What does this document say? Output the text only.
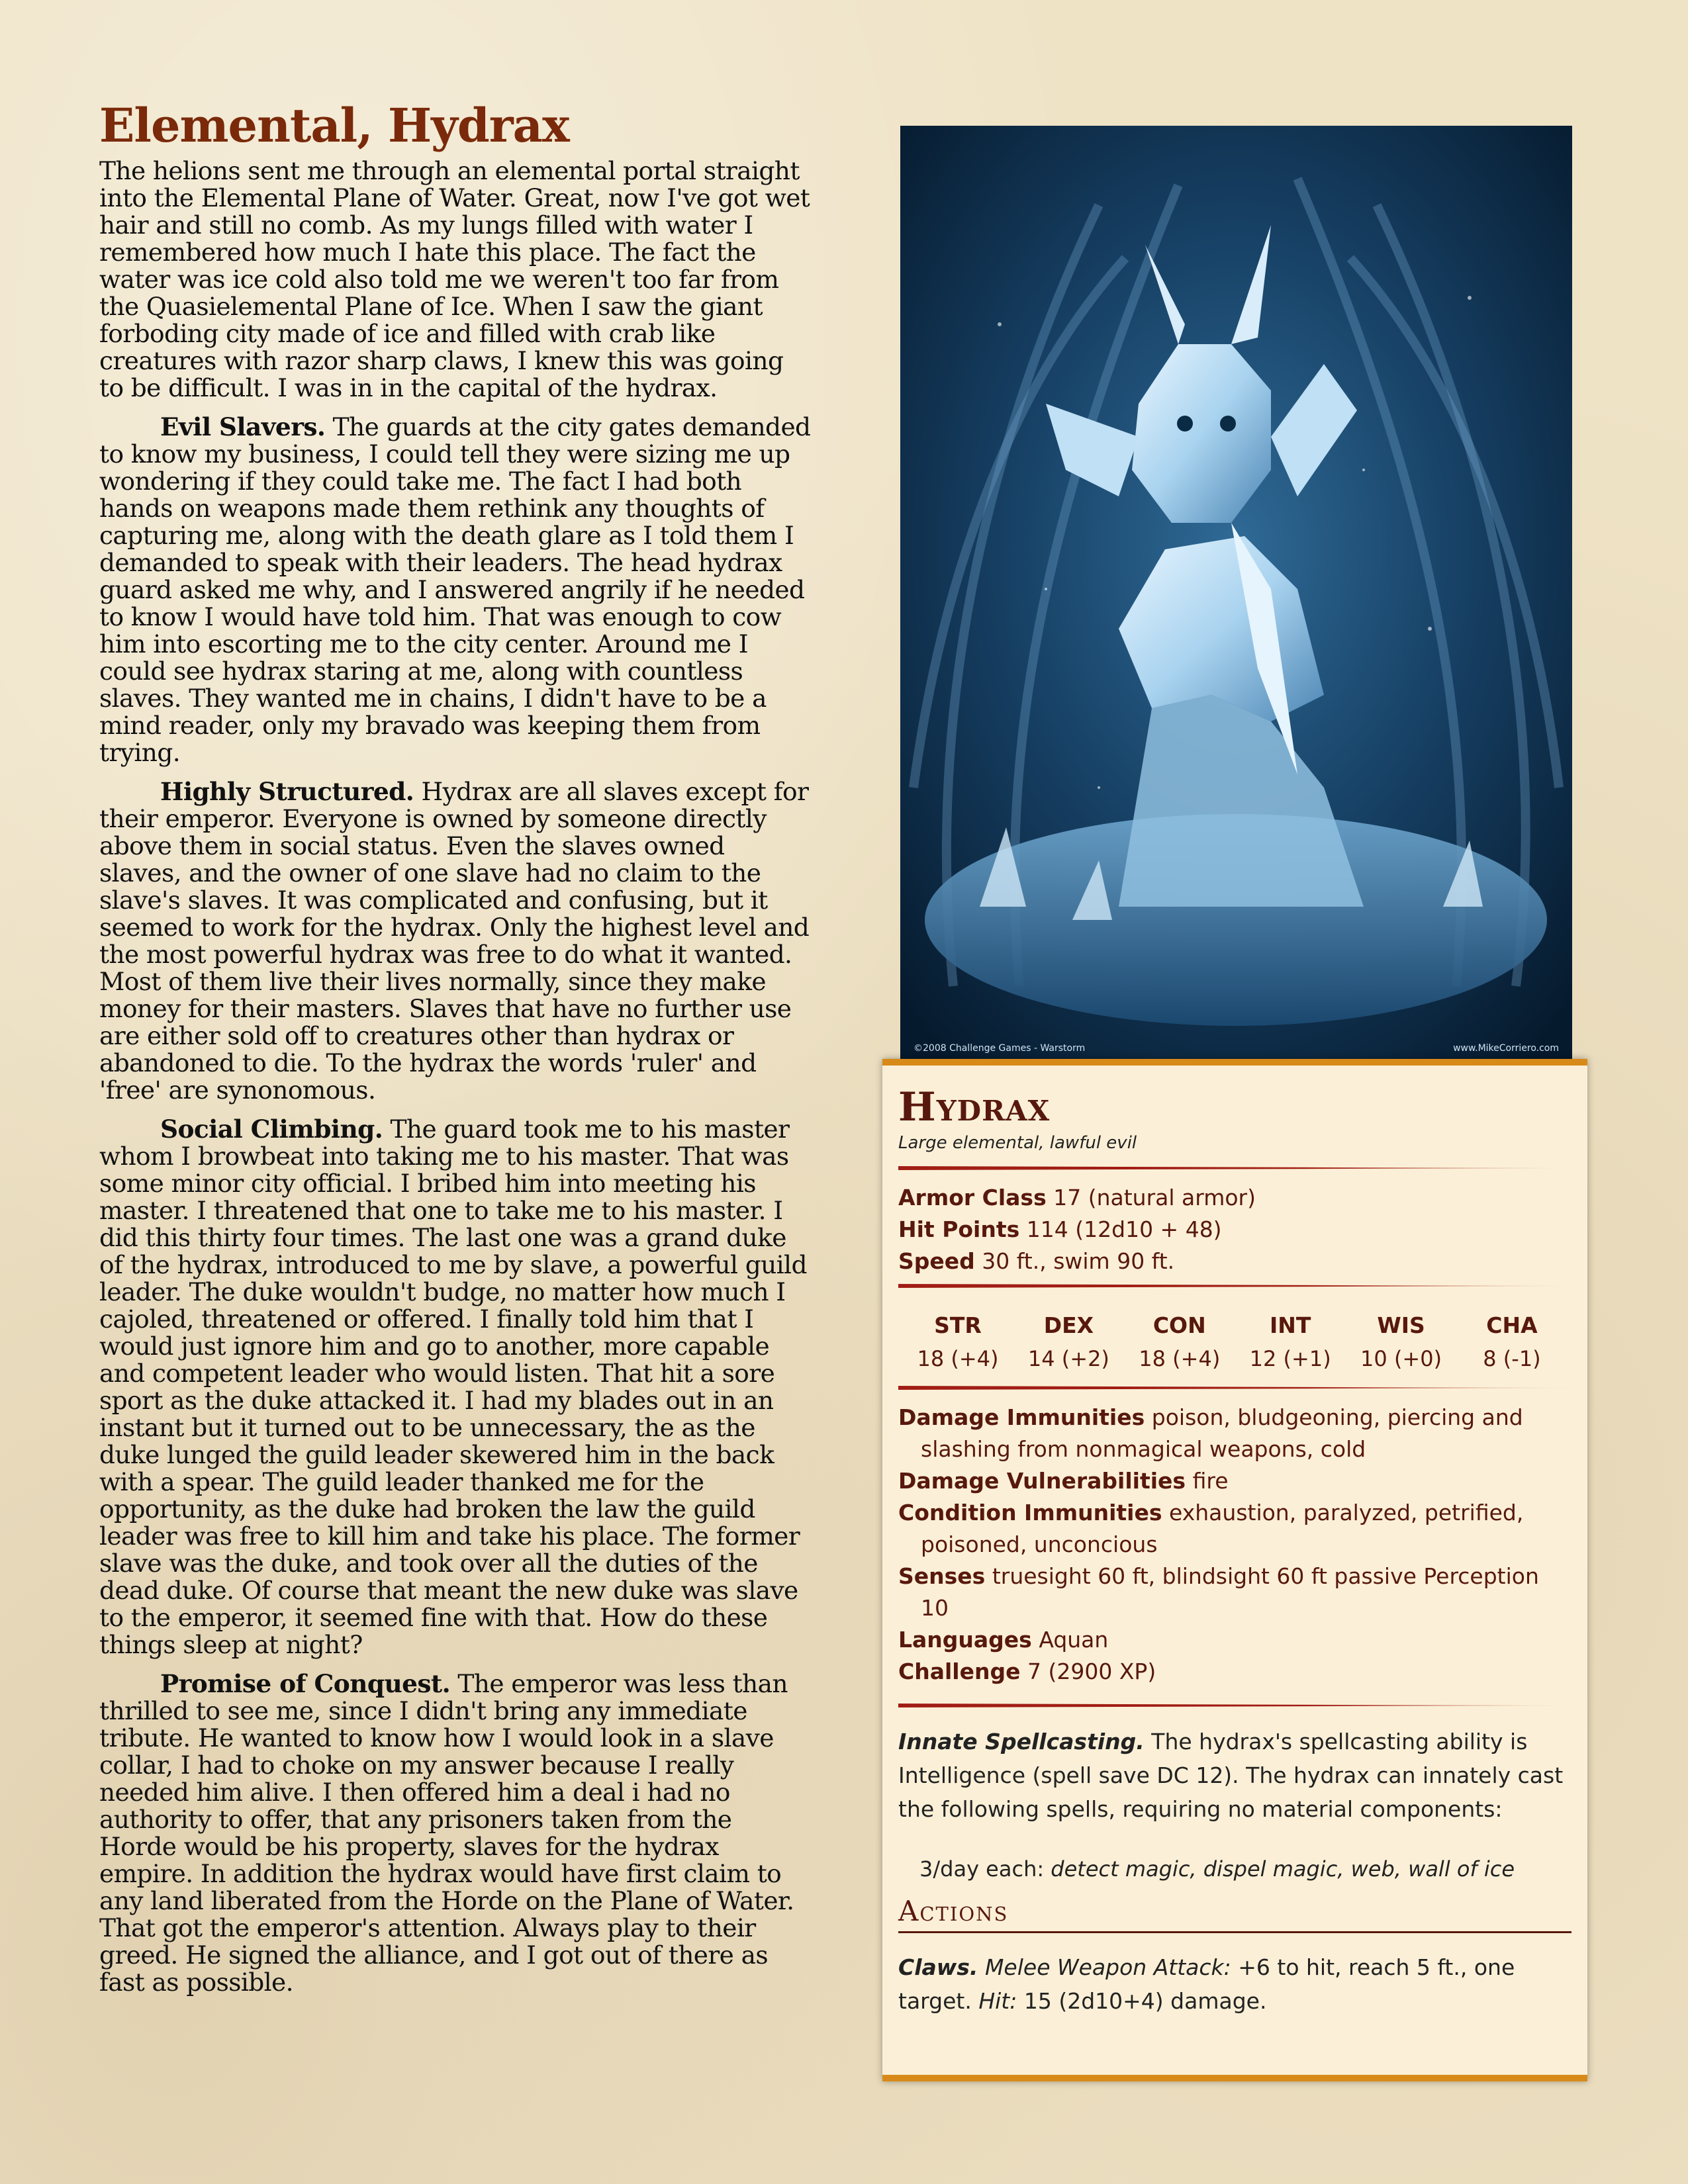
Elemental, Hydrax

The helions sent me through an elemental portal straight into the Elemental Plane of Water. Great, now I've got wet hair and still no comb. As my lungs filled with water I remembered how much I hate this place. The fact the water was ice cold also told me we weren't too far from the Quasielemental Plane of Ice. When I saw the giant forboding city made of ice and filled with crab like creatures with razor sharp claws, I knew this was going to be difficult. I was in in the capital of the hydrax.

Evil Slavers. The guards at the city gates demanded to know my business, I could tell they were sizing me up wondering if they could take me. The fact I had both hands on weapons made them rethink any thoughts of capturing me, along with the death glare as I told them I demanded to speak with their leaders. The head hydrax guard asked me why, and I answered angrily if he needed to know I would have told him. That was enough to cow him into escorting me to the city center. Around me I could see hydrax staring at me, along with countless slaves. They wanted me in chains, I didn't have to be a mind reader, only my bravado was keeping them from trying.

Highly Structured. Hydrax are all slaves except for their emperor. Everyone is owned by someone directly above them in social status. Even the slaves owned slaves, and the owner of one slave had no claim to the slave's slaves. It was complicated and confusing, but it seemed to work for the hydrax. Only the highest level and the most powerful hydrax was free to do what it wanted. Most of them live their lives normally, since they make money for their masters. Slaves that have no further use are either sold off to creatures other than hydrax or abandoned to die. To the hydrax the words 'ruler' and 'free' are synonomous.

Social Climbing. The guard took me to his master whom I browbeat into taking me to his master. That was some minor city official. I bribed him into meeting his master. I threatened that one to take me to his master. I did this thirty four times. The last one was a grand duke of the hydrax, introduced to me by slave, a powerful guild leader. The duke wouldn't budge, no matter how much I cajoled, threatened or offered. I finally told him that I would just ignore him and go to another, more capable and competent leader who would listen. That hit a sore sport as the duke attacked it. I had my blades out in an instant but it turned out to be unnecessary, the as the duke lunged the guild leader skewered him in the back with a spear. The guild leader thanked me for the opportunity, as the duke had broken the law the guild leader was free to kill him and take his place. The former slave was the duke, and took over all the duties of the dead duke. Of course that meant the new duke was slave to the emperor, it seemed fine with that. How do these things sleep at night?

Promise of Conquest. The emperor was less than thrilled to see me, since I didn't bring any immediate tribute. He wanted to know how I would look in a slave collar, I had to choke on my answer because I really needed him alive. I then offered him a deal i had no authority to offer, that any prisoners taken from the Horde would be his property, slaves for the hydrax empire. In addition the hydrax would have first claim to any land liberated from the Horde on the Plane of Water. That got the emperor's attention. Always play to their greed. He signed the alliance, and I got out of there as fast as possible.

©2008 Challenge Games - Warstorm	www.MikeCorriero.com
Hydrax
Large elemental, lawful evil
Armor Class 17 (natural armor)
Hit Points 114 (12d10 + 48)
Speed 30 ft., swim 90 ft.
STR
18 (+4)
DEX
14 (+2)
CON
18 (+4)
INT
12 (+1)
WIS
10 (+0)
CHA
8 (-1)
Damage Immunities poison, bludgeoning, piercing and slashing from nonmagical weapons, cold
Damage Vulnerabilities fire
Condition Immunities exhaustion, paralyzed, petrified, poisoned, unconcious
Senses truesight 60 ft, blindsight 60 ft passive Perception 10
Languages Aquan
Challenge 7 (2900 XP)
Innate Spellcasting. The hydrax's spellcasting ability is Intelligence (spell save DC 12). The hydrax can innately cast the following spells, requiring no material components:
3/day each: detect magic, dispel magic, web, wall of ice
Actions
Claws. Melee Weapon Attack: +6 to hit, reach 5 ft., one target. Hit: 15 (2d10+4) damage.
